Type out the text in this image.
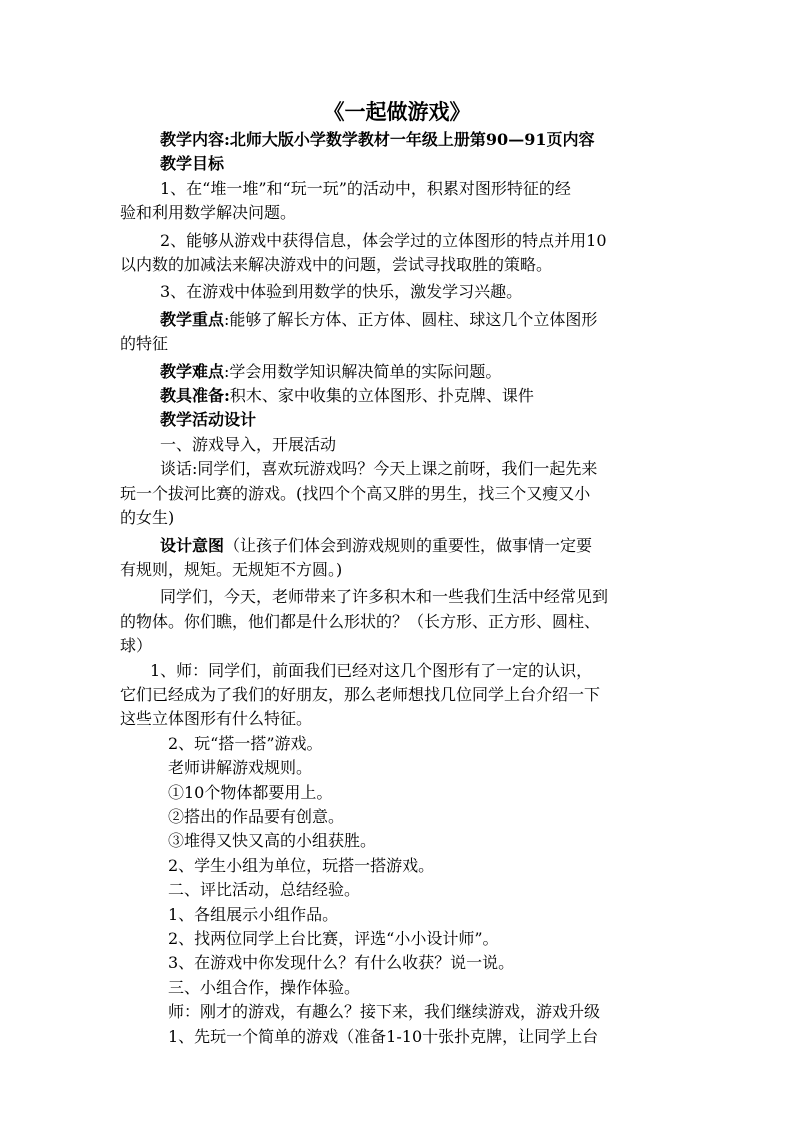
《一起做游戏》

教学内容:北师大版小学数学教材一年级上册第90—91页内容

教学目标

1、在“堆一堆”和“玩一玩”的活动中，积累对图形特征的经

验和利用数学解决问题。

2、能够从游戏中获得信息，体会学过的立体图形的特点并用10

以内数的加减法来解决游戏中的问题，尝试寻找取胜的策略。

3、在游戏中体验到用数学的快乐，激发学习兴趣。

教学重点:能够了解长方体、正方体、圆柱、球这几个立体图形

的特征

教学难点:学会用数学知识解决简单的实际问题。

教具准备:积木、家中收集的立体图形、扑克牌、课件

教学活动设计

一、游戏导入，开展活动

谈话:同学们，喜欢玩游戏吗？今天上课之前呀，我们一起先来

玩一个拔河比赛的游戏。(找四个个高又胖的男生，找三个又瘦又小

的女生)

设计意图（让孩子们体会到游戏规则的重要性，做事情一定要

有规则，规矩。无规矩不方圆。)

同学们，今天，老师带来了许多积木和一些我们生活中经常见到

的物体。你们瞧，他们都是什么形状的？（长方形、正方形、圆柱、

球）

1、师：同学们，前面我们已经对这几个图形有了一定的认识，

它们已经成为了我们的好朋友，那么老师想找几位同学上台介绍一下

这些立体图形有什么特征。

2、玩“搭一搭”游戏。

老师讲解游戏规则。

①10个物体都要用上。

②搭出的作品要有创意。

③堆得又快又高的小组获胜。

2、学生小组为单位，玩搭一搭游戏。

二、评比活动，总结经验。

1、各组展示小组作品。

2、找两位同学上台比赛，评选“小小设计师”。

3、在游戏中你发现什么？有什么收获？说一说。

三、小组合作，操作体验。

师：刚才的游戏，有趣么？接下来，我们继续游戏，游戏升级

1、先玩一个简单的游戏（准备1-10十张扑克牌，让同学上台
